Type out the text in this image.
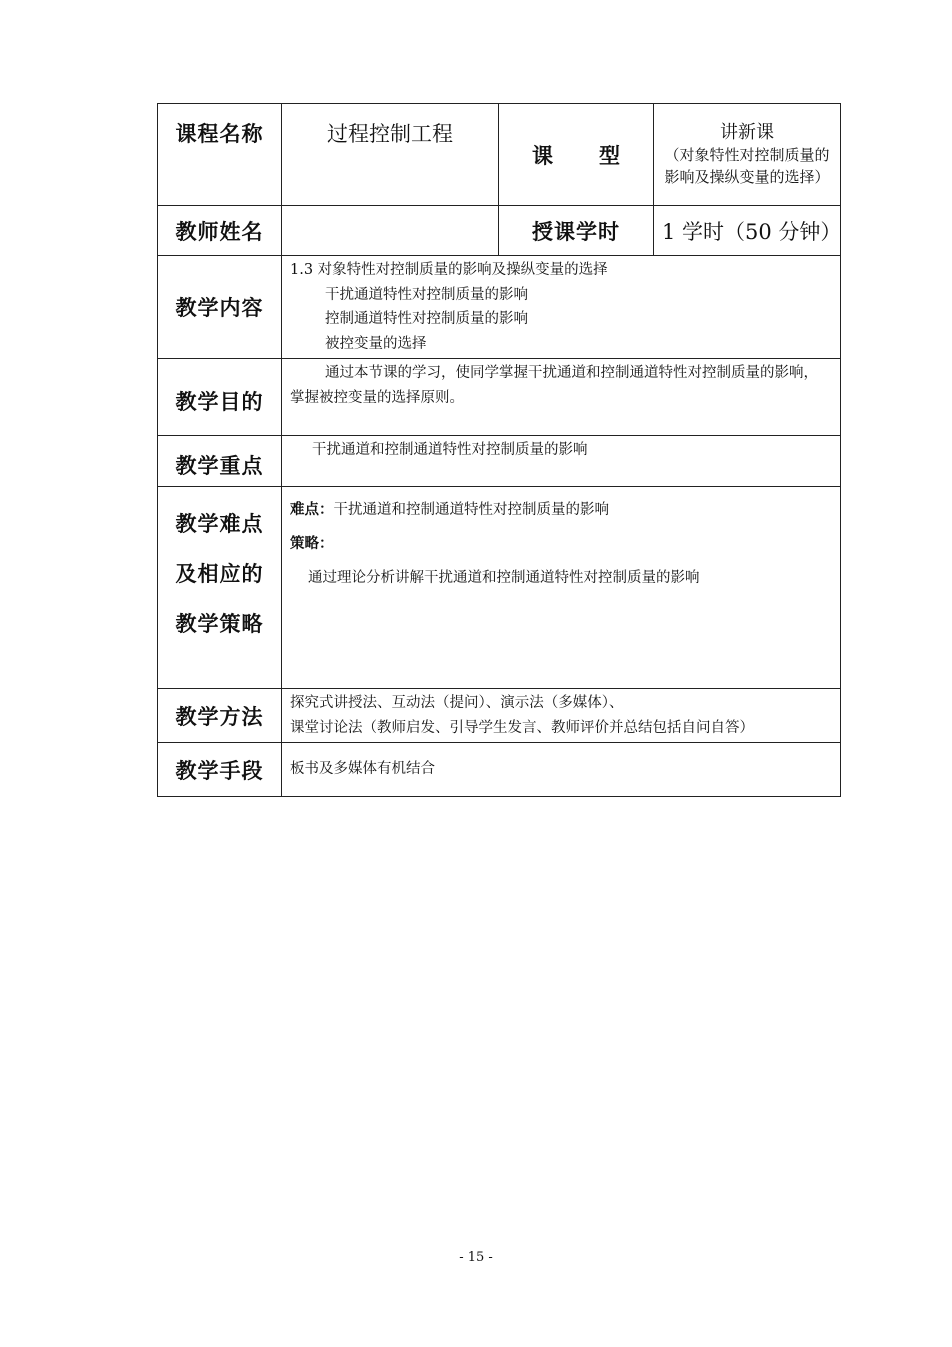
课程名称	过程控制工程	课 型	讲新课
（对象特性对控制质量的影响及操纵变量的选择）
教师姓名		授课学时	1 学时（50 分钟）
教学内容	1.3 对象特性对控制质量的影响及操纵变量的选择
干扰通道特性对控制质量的影响
控制通道特性对控制质量的影响
被控变量的选择		

教学目的	通过本节课的学习，使同学掌握干扰通道和控制通道特性对控制质量的影响，掌握被控变量的选择原则。		

教学重点	干扰通道和控制通道特性对控制质量的影响		

教学难点
及相应的
教学策略	难点：干扰通道和控制通道特性对控制质量的影响
策略：
通过理论分析讲解干扰通道和控制通道特性对控制质量的影响		

教学方法	探究式讲授法、互动法（提问）、演示法（多媒体）、
课堂讨论法（教师启发、引导学生发言、教师评价并总结包括自问自答）		

教学手段	板书及多媒体有机结合		
- 15 -
